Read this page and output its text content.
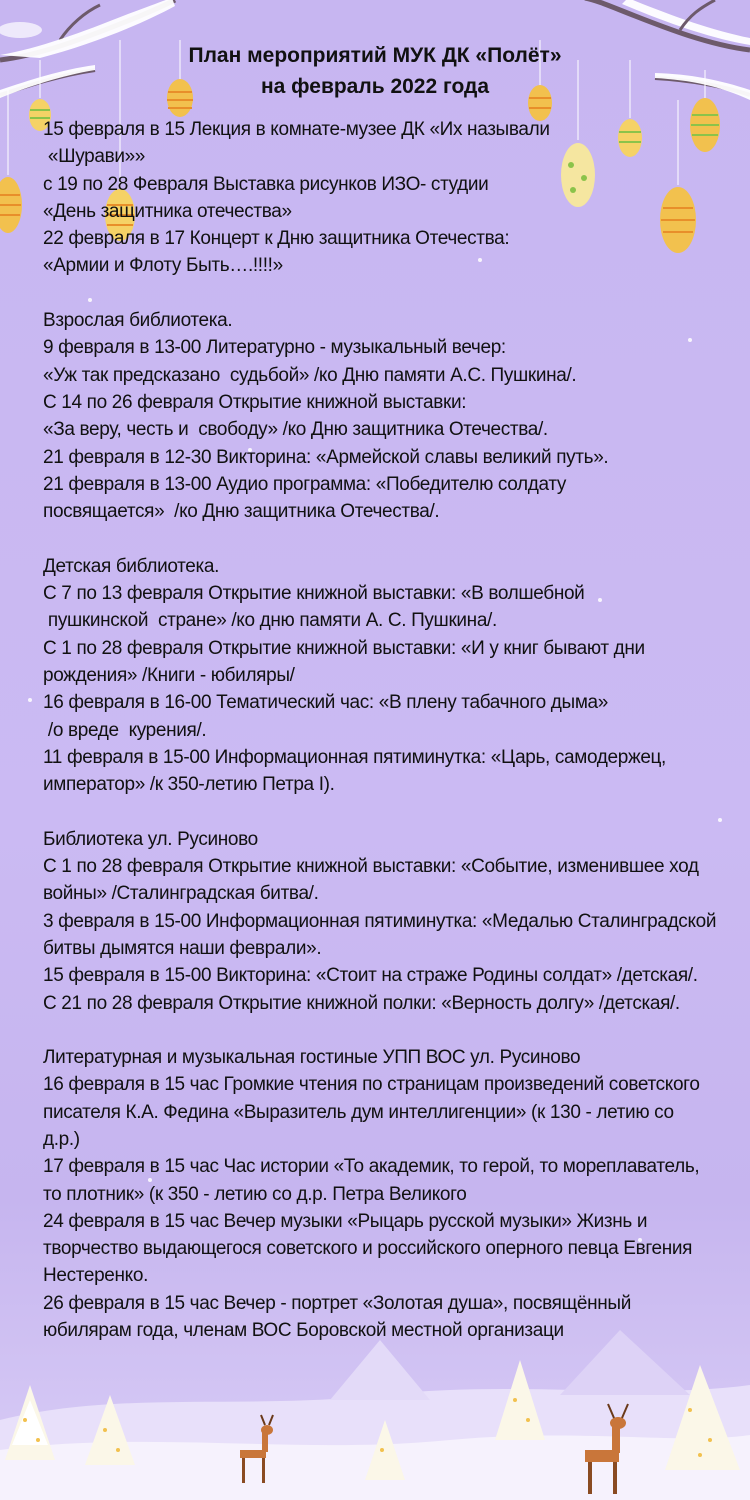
План мероприятий МУК ДК «Полёт»
на февраль 2022 года
15 февраля в 15 Лекция в комнате-музее ДК «Их называли
«Шурави»»
с 19 по 28 Февраля Выставка рисунков ИЗО- студии
«День защитника отечества»
22 февраля в 17 Концерт к Дню защитника Отечества:
«Армии и Флоту Быть….!!!!»
Взрослая библиотека.
9 февраля в 13-00 Литературно - музыкальный вечер:
«Уж так предсказано  судьбой» /ко Дню памяти А.С. Пушкина/.
С 14 по 26 февраля Открытие книжной выставки:
«За веру, честь и  свободу» /ко Дню защитника Отечества/.
21 февраля в 12-30 Викторина: «Армейской славы великий путь».
21 февраля в 13-00 Аудио программа: «Победителю солдату
посвящается»  /ко Дню защитника Отечества/.
Детская библиотека.
С 7 по 13 февраля Открытие книжной выставки: «В волшебной
пушкинской  стране» /ко дню памяти А. С. Пушкина/.
С 1 по 28 февраля Открытие книжной выставки: «И у книг бывают дни
рождения» /Книги - юбиляры/
16 февраля в 16-00 Тематический час: «В плену табачного дыма»
/о вреде  курения/.
11 февраля в 15-00 Информационная пятиминутка: «Царь, самодержец,
император» /к 350-летию Петра I).
Библиотека ул. Русиново
С 1 по 28 февраля Открытие книжной выставки: «Событие, изменившее ход
войны» /Сталинградская битва/.
3 февраля в 15-00 Информационная пятиминутка: «Медалью Сталинградской
битвы дымятся наши феврали».
15 февраля в 15-00 Викторина: «Стоит на страже Родины солдат» /детская/.
С 21 по 28 февраля Открытие книжной полки: «Верность долгу» /детская/.
Литературная и музыкальная гостиные УПП ВОС ул. Русиново
16 февраля в 15 час Громкие чтения по страницам произведений советского
писателя К.А. Федина «Выразитель дум интеллигенции» (к 130 - летию со
д.р.)
17 февраля в 15 час Час истории «То академик, то герой, то мореплаватель,
то плотник» (к 350 - летию со д.р. Петра Великого
24 февраля в 15 час Вечер музыки «Рыцарь русской музыки» Жизнь и
творчество выдающегося советского и российского оперного певца Евгения
Нестеренко.
26 февраля в 15 час Вечер - портрет «Золотая душа», посвящённый
юбилярам года, членам ВОС Боровской местной организаци
